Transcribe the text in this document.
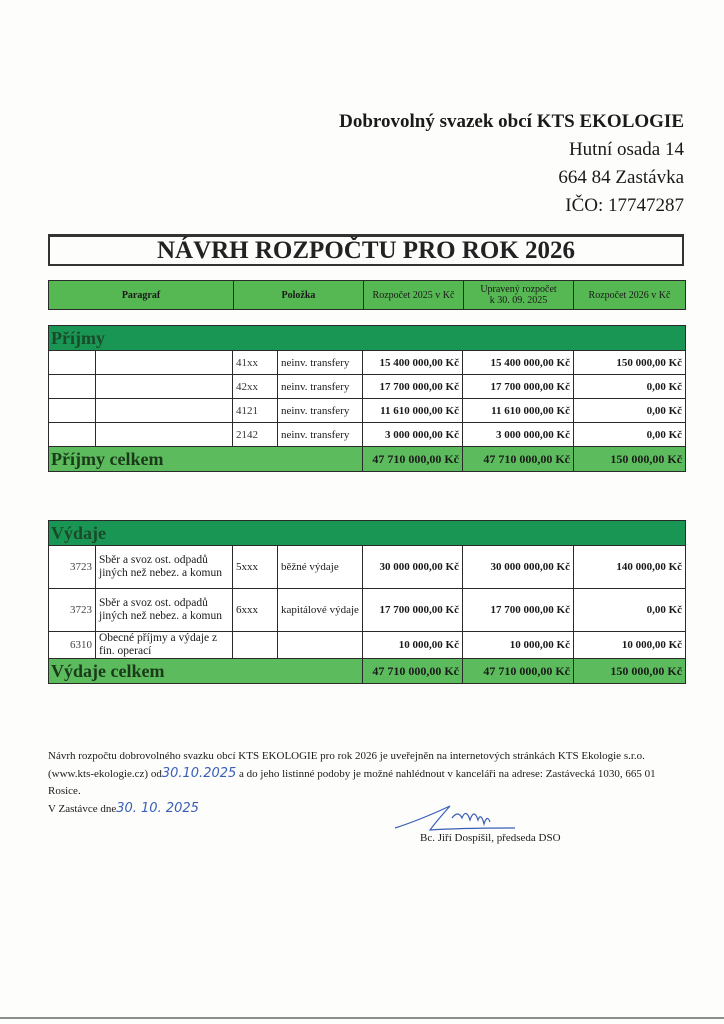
Dobrovolný svazek obcí KTS EKOLOGIE
Hutní osada 14
664 84 Zastávka
IČO: 17747287
NÁVRH ROZPOČTU PRO ROK 2026
Paragraf	Položka	Rozpočet 2025 v Kč	Upravený rozpočet
k 30. 09. 2025	Rozpočet 2026 v Kč
Příjmy						
		41xx	neinv. transfery	15 400 000,00 Kč	15 400 000,00 Kč	150 000,00 Kč
		42xx	neinv. transfery	17 700 000,00 Kč	17 700 000,00 Kč	0,00 Kč
		4121	neinv. transfery	11 610 000,00 Kč	11 610 000,00 Kč	0,00 Kč
		2142	neinv. transfery	3 000 000,00 Kč	3 000 000,00 Kč	0,00 Kč
Příjmy celkem				47 710 000,00 Kč	47 710 000,00 Kč	150 000,00 Kč
Výdaje						
3723	Sběr a svoz ost. odpadů jiných než nebez. a komun	5xxx	běžné výdaje	30 000 000,00 Kč	30 000 000,00 Kč	140 000,00 Kč
3723	Sběr a svoz ost. odpadů jiných než nebez. a komun	6xxx	kapitálové výdaje	17 700 000,00 Kč	17 700 000,00 Kč	0,00 Kč
6310	Obecné příjmy a výdaje z fin. operací			10 000,00 Kč	10 000,00 Kč	10 000,00 Kč
Výdaje celkem				47 710 000,00 Kč	47 710 000,00 Kč	150 000,00 Kč
Návrh rozpočtu dobrovolného svazku obcí KTS EKOLOGIE pro rok 2026 je uveřejněn na internetových stránkách KTS Ekologie s.r.o.
(www.kts-ekologie.cz) od30.10.2025 a do jeho listinné podoby je možné nahlédnout v kanceláři na adrese: Zastávecká 1030, 665 01 Rosice.
V Zastávce dne30. 10. 2025
Bc. Jiří Dospíšil, předseda DSO
